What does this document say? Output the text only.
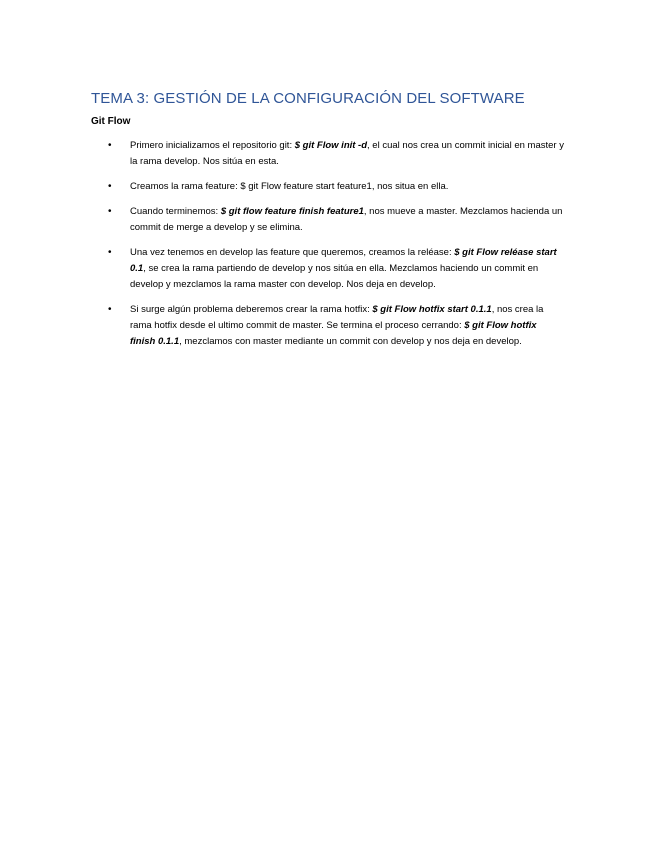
TEMA 3: GESTIÓN DE LA CONFIGURACIÓN DEL SOFTWARE
Git Flow
• Primero inicializamos el repositorio git: $ git Flow init -d, el cual nos crea un commit inicial en master y la rama develop. Nos sitúa en esta.
• Creamos la rama feature: $ git Flow feature start feature1, nos situa en ella.
• Cuando terminemos: $ git flow feature finish feature1, nos mueve a master. Mezclamos hacienda un commit de merge a develop y se elimina.
• Una vez tenemos en develop las feature que queremos, creamos la reléase: $ git Flow reléase start 0.1, se crea la rama partiendo de develop y nos sitúa en ella. Mezclamos haciendo un commit en develop y mezclamos la rama master con develop. Nos deja en develop.
• Si surge algún problema deberemos crear la rama hotfix: $ git Flow hotfix start 0.1.1, nos crea la rama hotfix desde el ultimo commit de master. Se termina el proceso cerrando: $ git Flow hotfix finish 0.1.1, mezclamos con master mediante un commit con develop y nos deja en develop.
